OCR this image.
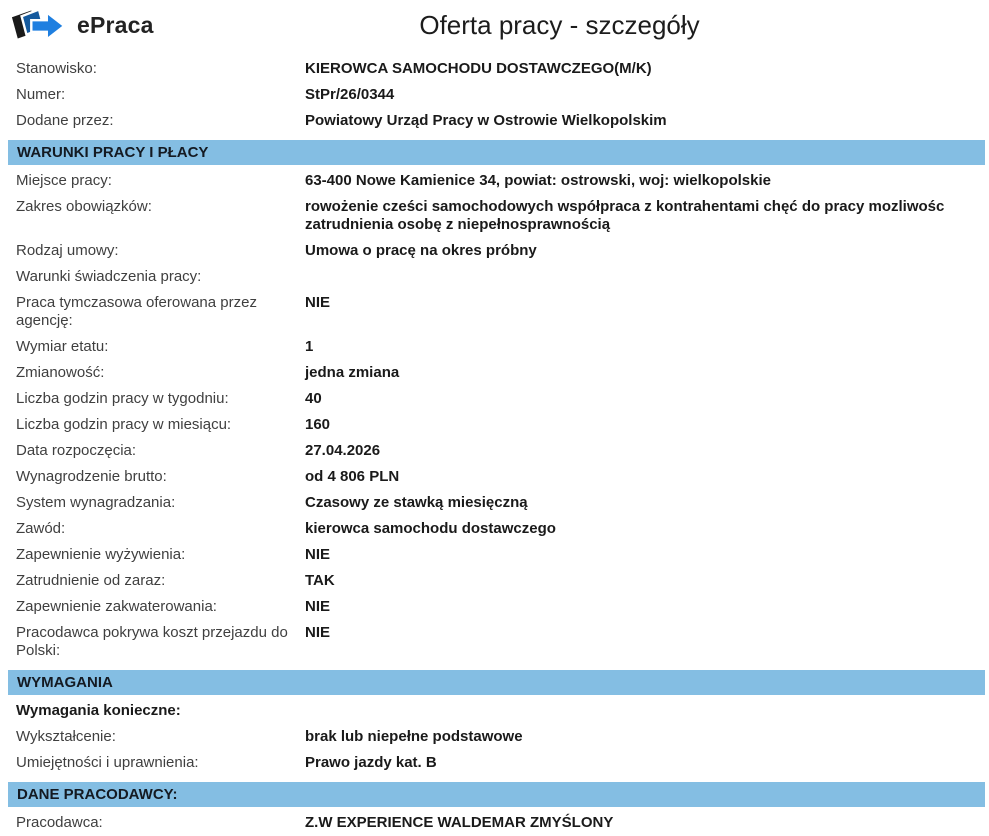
ePraca	Oferta pracy - szczegóły
Stanowisko:	KIEROWCA SAMOCHODU DOSTAWCZEGO(M/K)
Numer:	StPr/26/0344
Dodane przez:	Powiatowy Urząd Pracy w Ostrowie Wielkopolskim
WARUNKI PRACY I PŁACY
Miejsce pracy:	63-400 Nowe Kamienice 34, powiat: ostrowski, woj: wielkopolskie
Zakres obowiązków:	rowożenie cześci samochodowych współpraca z kontrahentami chęć do pracy mozliwośc zatrudnienia osobę z niepełnosprawnością
Rodzaj umowy:	Umowa o pracę na okres próbny
Warunki świadczenia pracy:
Praca tymczasowa oferowana przez agencję:
NIE
Wymiar etatu:	1
Zmianowość:	jedna zmiana
Liczba godzin pracy w tygodniu:	40
Liczba godzin pracy w miesiącu:	160
Data rozpoczęcia:	27.04.2026
Wynagrodzenie brutto:	od 4 806 PLN
System wynagradzania:	Czasowy ze stawką miesięczną
Zawód:	kierowca samochodu dostawczego
Zapewnienie wyżywienia:	NIE
Zatrudnienie od zaraz:	TAK
Zapewnienie zakwaterowania:	NIE
Pracodawca pokrywa koszt przejazdu do Polski:
NIE
WYMAGANIA
Wymagania konieczne:
Wykształcenie:	brak lub niepełne podstawowe
Umiejętności i uprawnienia:	Prawo jazdy kat. B
DANE PRACODAWCY:
Pracodawca:	Z.W EXPERIENCE WALDEMAR ZMYŚLONY
